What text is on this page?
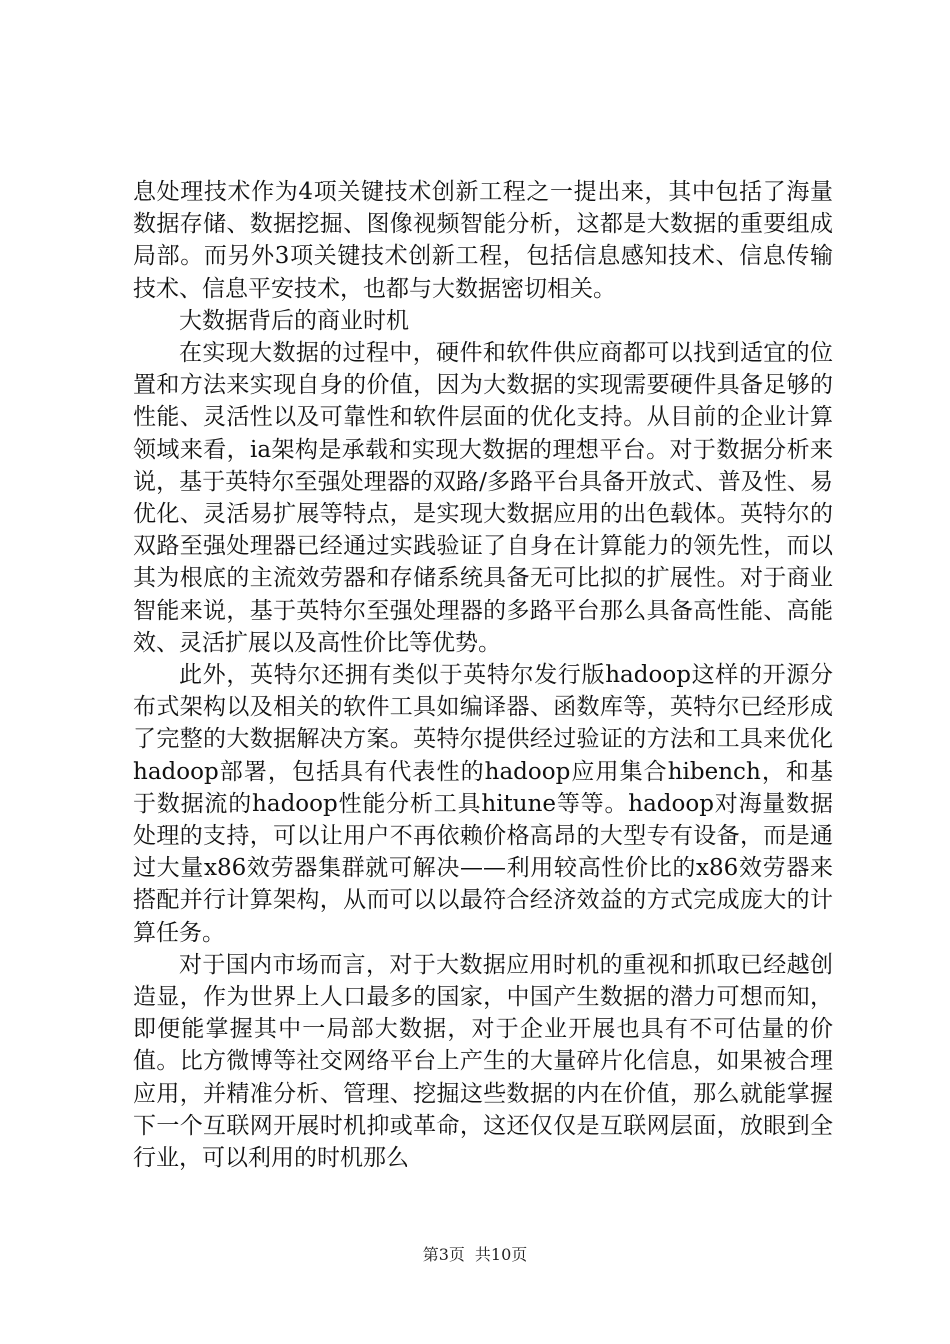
息处理技术作为4项关键技术创新工程之一提出来，其中包括了海量数据存储、数据挖掘、图像视频智能分析，这都是大数据的重要组成局部。而另外3项关键技术创新工程，包括信息感知技术、信息传输技术、信息平安技术，也都与大数据密切相关。

大数据背后的商业时机

在实现大数据的过程中，硬件和软件供应商都可以找到适宜的位置和方法来实现自身的价值，因为大数据的实现需要硬件具备足够的性能、灵活性以及可靠性和软件层面的优化支持。从目前的企业计算领域来看，ia架构是承载和实现大数据的理想平台。对于数据分析来说，基于英特尔至强处理器的双路/多路平台具备开放式、普及性、易优化、灵活易扩展等特点，是实现大数据应用的出色载体。英特尔的双路至强处理器已经通过实践验证了自身在计算能力的领先性，而以其为根底的主流效劳器和存储系统具备无可比拟的扩展性。对于商业智能来说，基于英特尔至强处理器的多路平台那么具备高性能、高能效、灵活扩展以及高性价比等优势。

此外，英特尔还拥有类似于英特尔发行版hadoop这样的开源分布式架构以及相关的软件工具如编译器、函数库等，英特尔已经形成了完整的大数据解决方案。英特尔提供经过验证的方法和工具来优化hadoop部署，包括具有代表性的hadoop应用集合hibench，和基于数据流的hadoop性能分析工具hitune等等。hadoop对海量数据处理的支持，可以让用户不再依赖价格高昂的大型专有设备，而是通过大量x86效劳器集群就可解决——利用较高性价比的x86效劳器来搭配并行计算架构，从而可以以最符合经济效益的方式完成庞大的计算任务。

对于国内市场而言，对于大数据应用时机的重视和抓取已经越创造显，作为世界上人口最多的国家，中国产生数据的潜力可想而知，即便能掌握其中一局部大数据，对于企业开展也具有不可估量的价值。比方微博等社交网络平台上产生的大量碎片化信息，如果被合理应用，并精准分析、管理、挖掘这些数据的内在价值，那么就能掌握下一个互联网开展时机抑或革命，这还仅仅是互联网层面，放眼到全行业，可以利用的时机那么

第3页 共10页
